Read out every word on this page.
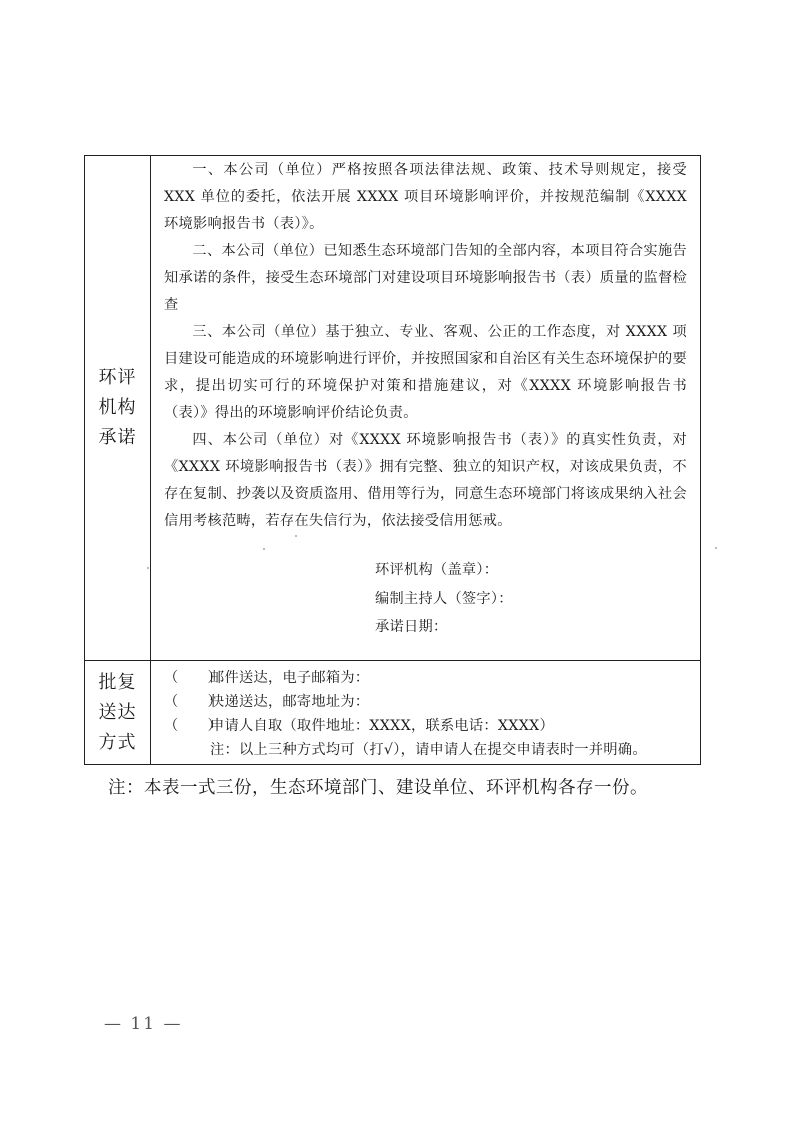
环评
机构
承诺

一、本公司（单位）严格按照各项法律法规、政策、技术导则规定，接受 XXX 单位的委托，依法开展 XXXX 项目环境影响评价，并按规范编制《XXXX 环境影响报告书（表）》。

二、本公司（单位）已知悉生态环境部门告知的全部内容，本项目符合实施告知承诺的条件，接受生态环境部门对建设项目环境影响报告书（表）质量的监督检查

三、本公司（单位）基于独立、专业、客观、公正的工作态度，对 XXXX 项目建设可能造成的环境影响进行评价，并按照国家和自治区有关生态环境保护的要求，提出切实可行的环境保护对策和措施建议，对《XXXX 环境影响报告书（表）》得出的环境影响评价结论负责。

四、本公司（单位）对《XXXX 环境影响报告书（表）》的真实性负责，对《XXXX 环境影响报告书（表）》拥有完整、独立的知识产权，对该成果负责，不存在复制、抄袭以及资质盗用、借用等行为，同意生态环境部门将该成果纳入社会信用考核范畴，若存在失信行为，依法接受信用惩戒。

环评机构（盖章）：

编制主持人（签字）：

承诺日期：

批复
送达
方式

（　　）邮件送达，电子邮箱为：

（　　）快递送达，邮寄地址为：

（　　）申请人自取（取件地址：XXXX，联系电话：XXXX）

注：以上三种方式均可（打√），请申请人在提交申请表时一并明确。

注：本表一式三份，生态环境部门、建设单位、环评机构各存一份。

— 11 —
